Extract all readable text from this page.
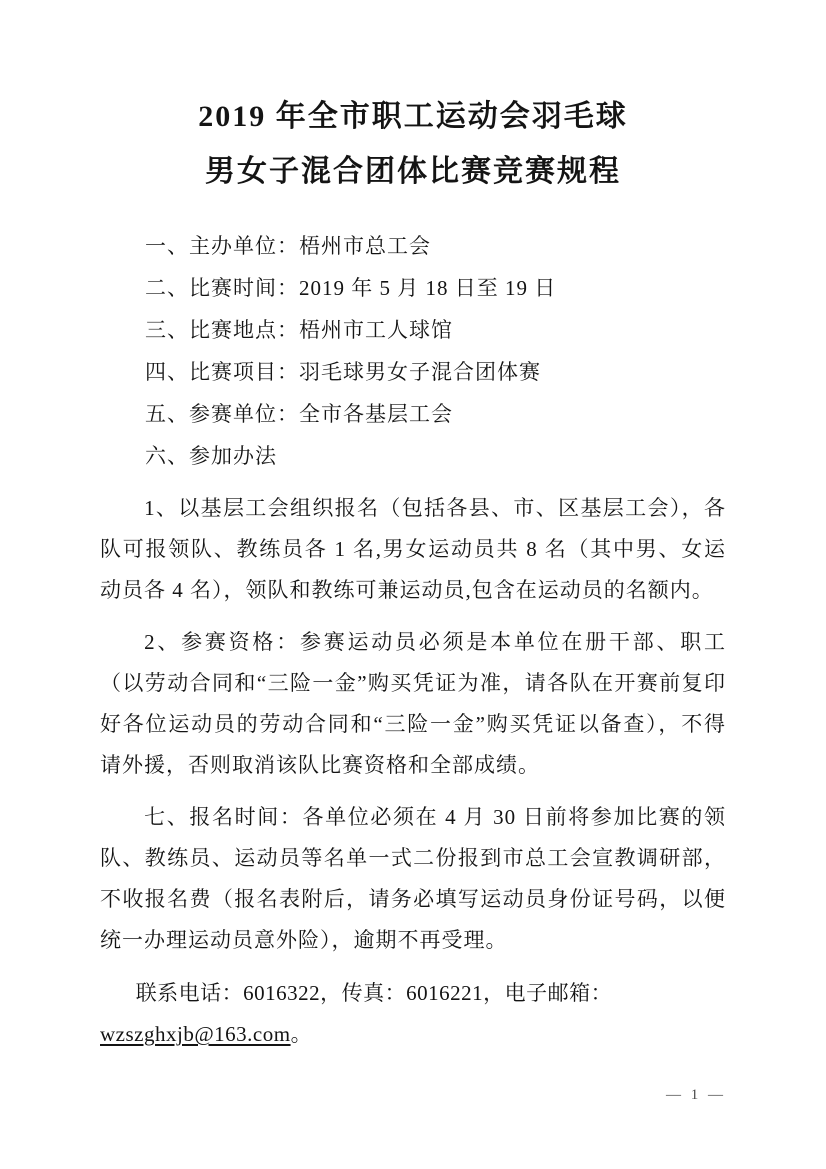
2019 年全市职工运动会羽毛球
男女子混合团体比赛竞赛规程
一、主办单位：梧州市总工会
二、比赛时间：2019 年 5 月 18 日至 19 日
三、比赛地点：梧州市工人球馆
四、比赛项目：羽毛球男女子混合团体赛
五、参赛单位：全市各基层工会
六、参加办法

1、以基层工会组织报名（包括各县、市、区基层工会），各队可报领队、教练员各 1 名,男女运动员共 8 名（其中男、女运动员各 4 名），领队和教练可兼运动员,包含在运动员的名额内。

2、参赛资格：参赛运动员必须是本单位在册干部、职工（以劳动合同和“三险一金”购买凭证为准，请各队在开赛前复印好各位运动员的劳动合同和“三险一金”购买凭证以备查），不得请外援，否则取消该队比赛资格和全部成绩。

七、报名时间：各单位必须在 4 月 30 日前将参加比赛的领队、教练员、运动员等名单一式二份报到市总工会宣教调研部，不收报名费（报名表附后，请务必填写运动员身份证号码，以便统一办理运动员意外险），逾期不再受理。

联系电话：6016322，传真：6016221，电子邮箱：wzszghxjb@163.com。
— 1 —
